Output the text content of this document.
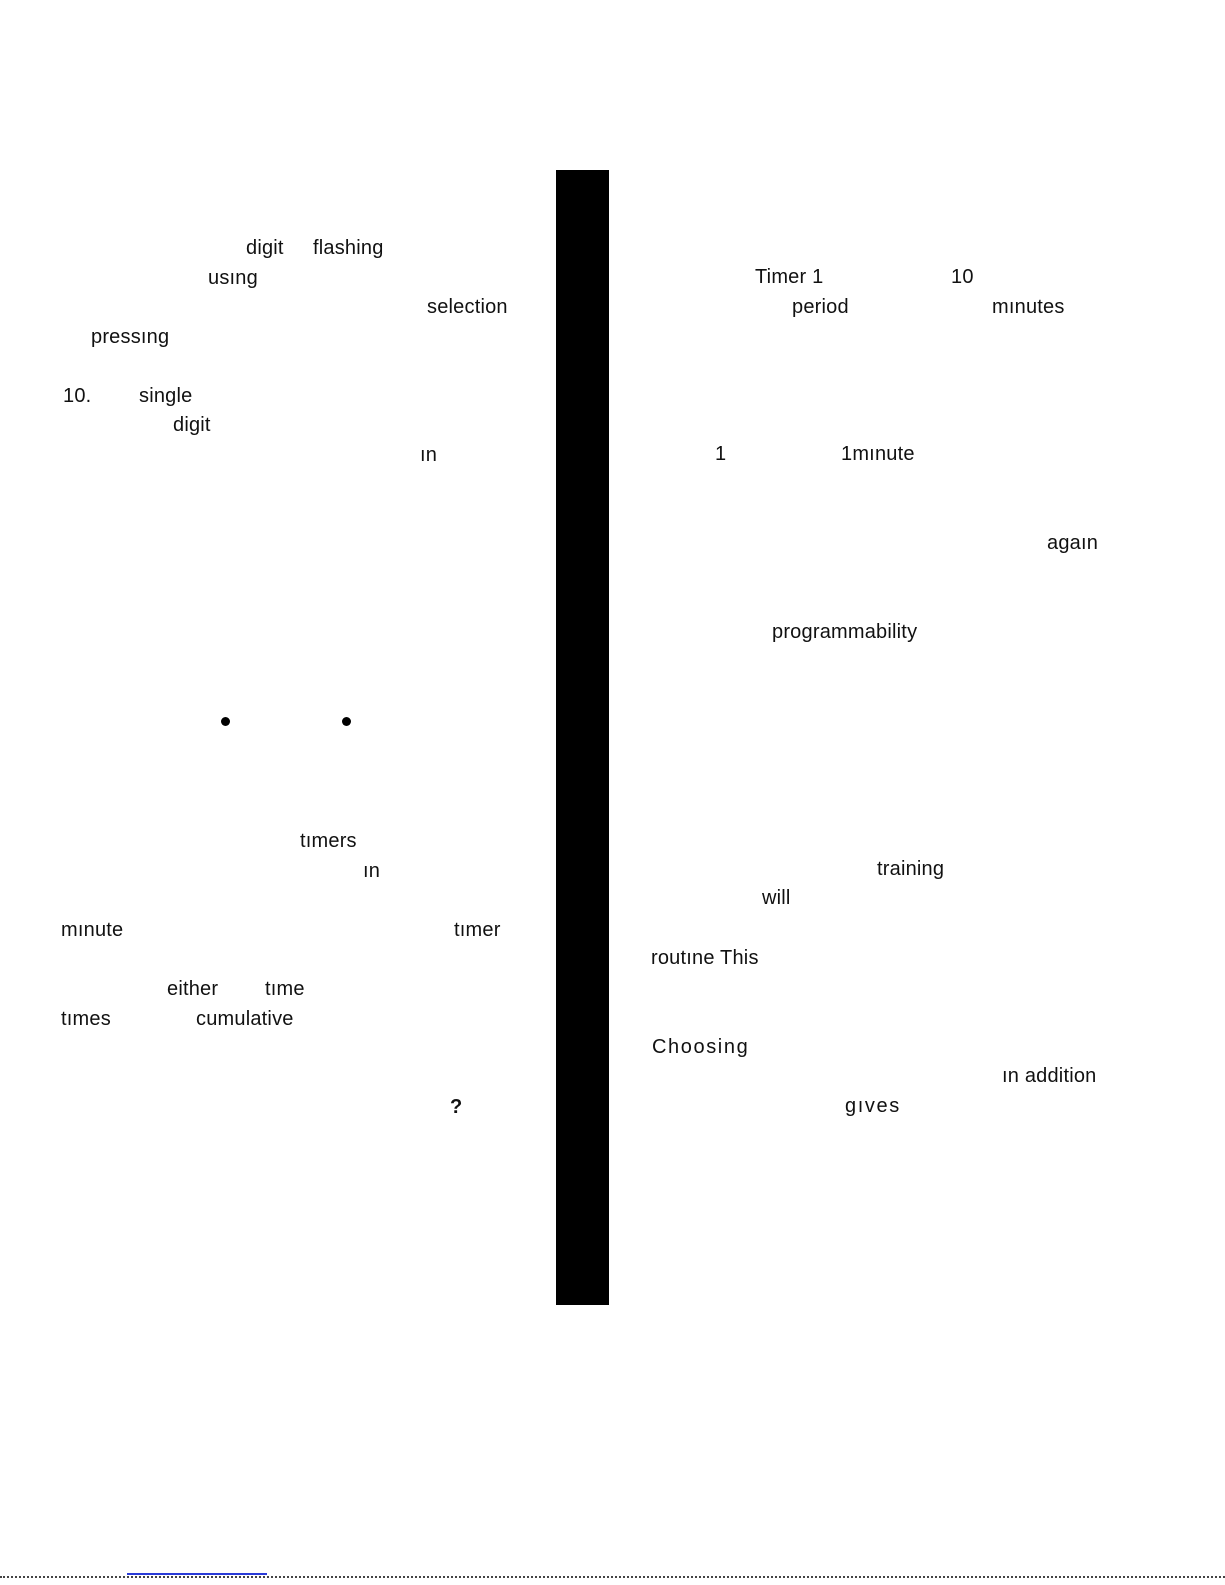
digit flashing
usıng
selection
pressıng
10. single
digit
ın
tımers
ın
mınute	tımer
either tıme
tımes	cumulative
?
Timer 1	10
period	mınutes
1	1mınute
agaın
programmability
training
will
routıne This
Choosing
ın addition
gıves
